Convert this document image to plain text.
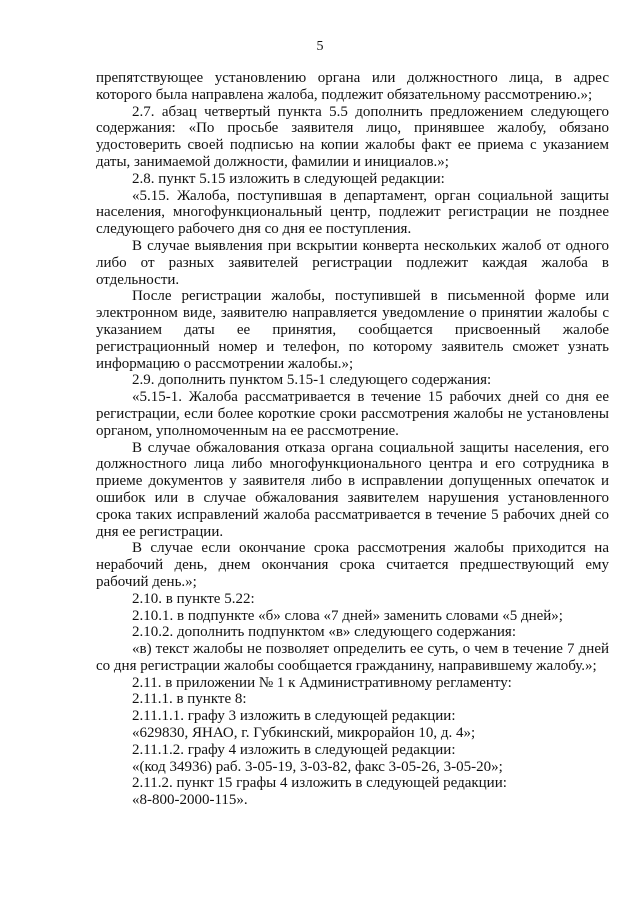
5

препятствующее установлению органа или должностного лица, в адрес которого была направлена жалоба, подлежит обязательному рассмотрению.»;

2.7. абзац четвертый пункта 5.5 дополнить предложением следующего содержания: «По просьбе заявителя лицо, принявшее жалобу, обязано удостоверить своей подписью на копии жалобы факт ее приема с указанием даты, занимаемой должности, фамилии и инициалов.»;

2.8. пункт 5.15 изложить в следующей редакции:

«5.15. Жалоба, поступившая в департамент, орган социальной защиты населения, многофункциональный центр, подлежит регистрации не позднее следующего рабочего дня со дня ее поступления.

В случае выявления при вскрытии конверта нескольких жалоб от одного либо от разных заявителей регистрации подлежит каждая жалоба в отдельности.

После регистрации жалобы, поступившей в письменной форме или электронном виде, заявителю направляется уведомление о принятии жалобы с указанием даты ее принятия, сообщается присвоенный жалобе регистрационный номер и телефон, по которому заявитель сможет узнать информацию о рассмотрении жалобы.»;

2.9. дополнить пунктом 5.15-1 следующего содержания:

«5.15-1. Жалоба рассматривается в течение 15 рабочих дней со дня ее регистрации, если более короткие сроки рассмотрения жалобы не установлены органом, уполномоченным на ее рассмотрение.

В случае обжалования отказа органа социальной защиты населения, его должностного лица либо многофункционального центра и его сотрудника в приеме документов у заявителя либо в исправлении допущенных опечаток и ошибок или в случае обжалования заявителем нарушения установленного срока таких исправлений жалоба рассматривается в течение 5 рабочих дней со дня ее регистрации.

В случае если окончание срока рассмотрения жалобы приходится на нерабочий день, днем окончания срока считается предшествующий ему рабочий день.»;

2.10. в пункте 5.22:

2.10.1. в подпункте «б» слова «7 дней» заменить словами «5 дней»;

2.10.2. дополнить подпунктом «в» следующего содержания:

«в) текст жалобы не позволяет определить ее суть, о чем в течение 7 дней со дня регистрации жалобы сообщается гражданину, направившему жалобу.»;

2.11. в приложении № 1 к Административному регламенту:

2.11.1. в пункте 8:

2.11.1.1. графу 3 изложить в следующей редакции:

«629830, ЯНАО, г. Губкинский, микрорайон 10, д. 4»;

2.11.1.2. графу 4 изложить в следующей редакции:

«(код 34936) раб. 3-05-19, 3-03-82, факс 3-05-26, 3-05-20»;

2.11.2. пункт 15 графы 4 изложить в следующей редакции:

«8-800-2000-115».
